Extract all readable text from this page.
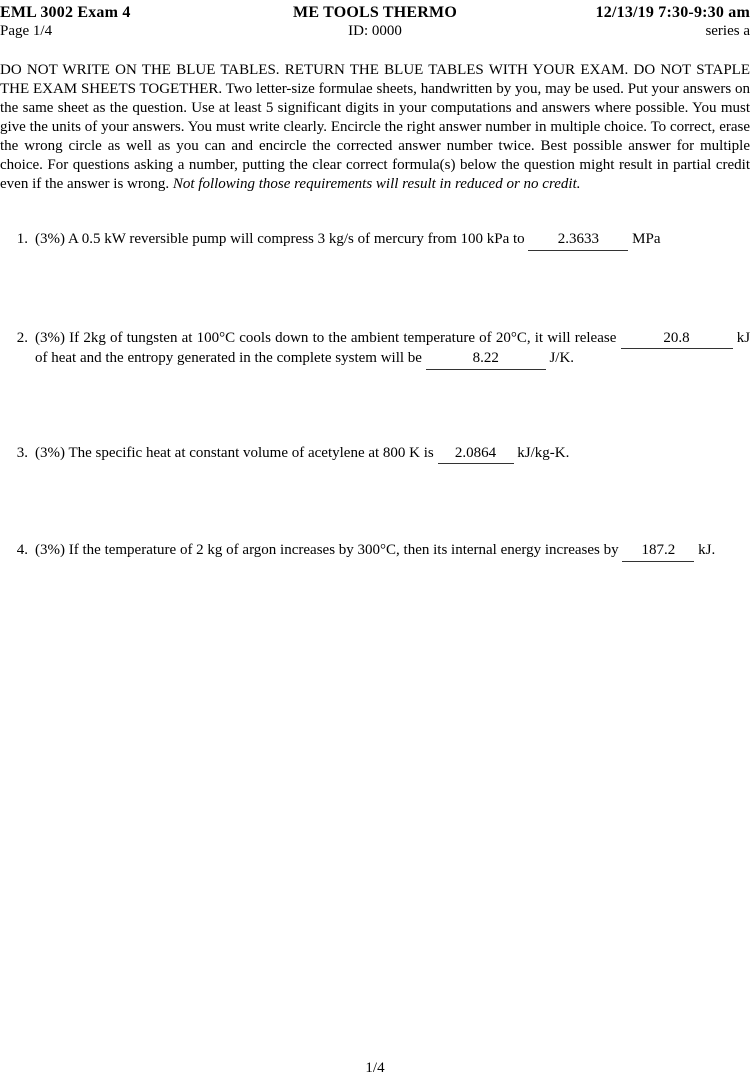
EML 3002 Exam 4
Page 1/4
ME TOOLS THERMO
ID: 0000
12/13/19 7:30-9:30 am
series a

DO NOT WRITE ON THE BLUE TABLES. RETURN THE BLUE TABLES WITH YOUR EXAM. DO NOT STAPLE THE EXAM SHEETS TOGETHER. Two letter-size formulae sheets, handwritten by you, may be used. Put your answers on the same sheet as the question. Use at least 5 significant digits in your computations and answers where possible. You must give the units of your answers. You must write clearly. Encircle the right answer number in multiple choice. To correct, erase the wrong circle as well as you can and encircle the corrected answer number twice. Best possible answer for multiple choice. For questions asking a number, putting the clear correct formula(s) below the question might result in partial credit even if the answer is wrong. Not following those requirements will result in reduced or no credit.

1. (3%) A 0.5 kW reversible pump will compress 3 kg/s of mercury from 100 kPa to 2.3633 MPa
2. (3%) If 2kg of tungsten at 100°C cools down to the ambient temperature of 20°C, it will release	20.8	kJ of heat and the entropy generated in the complete system will be	8.22	J/K.
3. (3%) The specific heat at constant volume of acetylene at 800 K is 2.0864 kJ/kg-K.
4. (3%) If the temperature of 2 kg of argon increases by 300°C, then its internal energy increases by 187.2 kJ.
1/4
